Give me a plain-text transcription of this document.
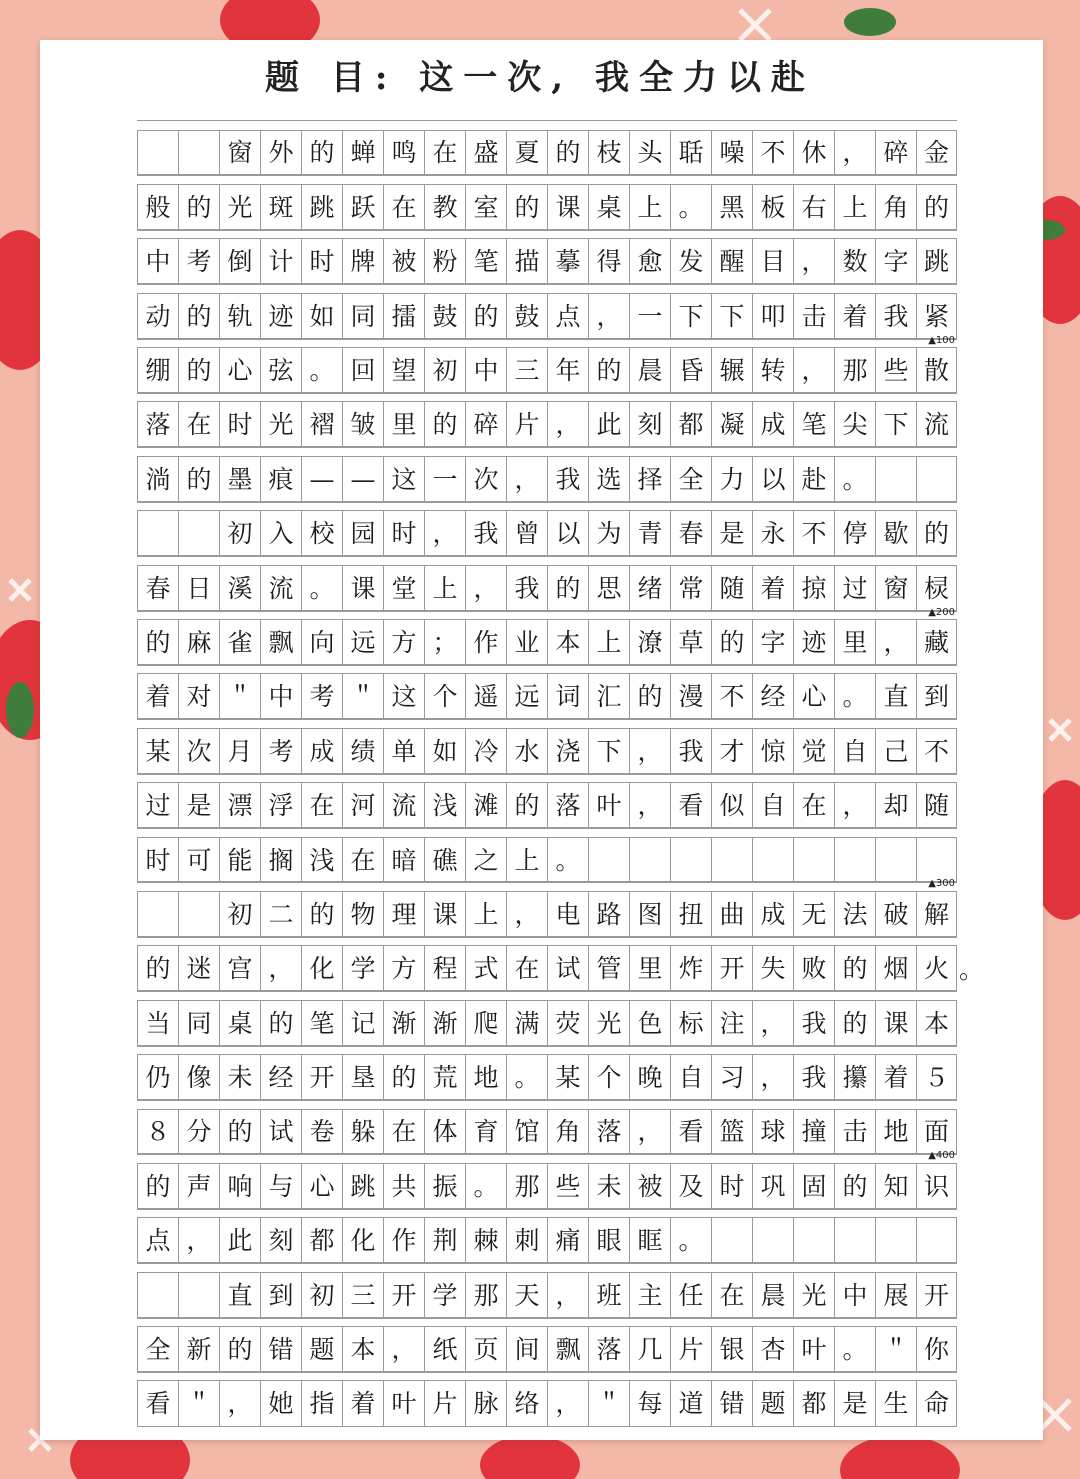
题 目: 这一次, 我全力以赴
窗 外 的 蝉 鸣 在 盛 夏 的 枝 头 聒 噪 不 休 ， 碎 金
般 的 光 斑 跳 跃 在 教 室 的 课 桌 上 。 黑 板 右 上 角 的
中 考 倒 计 时 牌 被 粉 笔 描 摹 得 愈 发 醒 目 ， 数 字 跳
动 的 轨 迹 如 同 擂 鼓 的 鼓 点 ， 一 下 下 叩 击 着 我 紧
▲100
绷 的 心 弦 。 回 望 初 中 三 年 的 晨 昏 辗 转 ， 那 些 散
落 在 时 光 褶 皱 里 的 碎 片 ， 此 刻 都 凝 成 笔 尖 下 流
淌 的 墨 痕 — — 这 一 次 ， 我 选 择 全 力 以 赴 。
初 入 校 园 时 ， 我 曾 以 为 青 春 是 永 不 停 歇 的
春 日 溪 流 。 课 堂 上 ， 我 的 思 绪 常 随 着 掠 过 窗 棂
▲200
的 麻 雀 飘 向 远 方 ； 作 业 本 上 潦 草 的 字 迹 里 ， 藏
着 对 ＂ 中 考 ＂ 这 个 遥 远 词 汇 的 漫 不 经 心 。 直 到
某 次 月 考 成 绩 单 如 冷 水 浇 下 ， 我 才 惊 觉 自 己 不
过 是 漂 浮 在 河 流 浅 滩 的 落 叶 ， 看 似 自 在 ， 却 随
时 可 能 搁 浅 在 暗 礁 之 上 。
▲300
初 二 的 物 理 课 上 ， 电 路 图 扭 曲 成 无 法 破 解
的 迷 宫 ， 化 学 方 程 式 在 试 管 里 炸 开 失 败 的 烟 火 。
当 同 桌 的 笔 记 渐 渐 爬 满 荧 光 色 标 注 ， 我 的 课 本
仍 像 未 经 开 垦 的 荒 地 。 某 个 晚 自 习 ， 我 攥 着 ５
８ 分 的 试 卷 躲 在 体 育 馆 角 落 ， 看 篮 球 撞 击 地 面
▲400
的 声 响 与 心 跳 共 振 。 那 些 未 被 及 时 巩 固 的 知 识
点 ， 此 刻 都 化 作 荆 棘 刺 痛 眼 眶 。
直 到 初 三 开 学 那 天 ， 班 主 任 在 晨 光 中 展 开
全 新 的 错 题 本 ， 纸 页 间 飘 落 几 片 银 杏 叶 。 ＂ 你
看 ＂ ， 她 指 着 叶 片 脉 络 ， ＂ 每 道 错 题 都 是 生 命
